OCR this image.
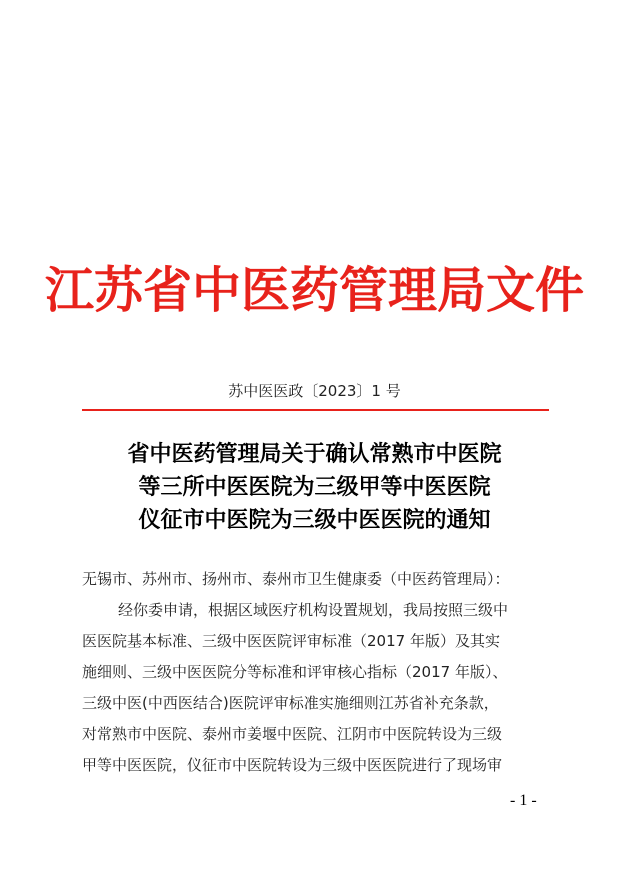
江苏省中医药管理局文件
苏中医医政〔2023〕1 号
省中医药管理局关于确认常熟市中医院
等三所中医医院为三级甲等中医医院
仪征市中医院为三级中医医院的通知
无锡市、苏州市、扬州市、泰州市卫生健康委（中医药管理局）：
经你委申请，根据区域医疗机构设置规划，我局按照三级中
医医院基本标准、三级中医医院评审标准（2017 年版）及其实
施细则、三级中医医院分等标准和评审核心指标（2017 年版）、
三级中医(中西医结合)医院评审标准实施细则江苏省补充条款，
对常熟市中医院、泰州市姜堰中医院、江阴市中医院转设为三级
甲等中医医院，仪征市中医院转设为三级中医医院进行了现场审
- 1 -
